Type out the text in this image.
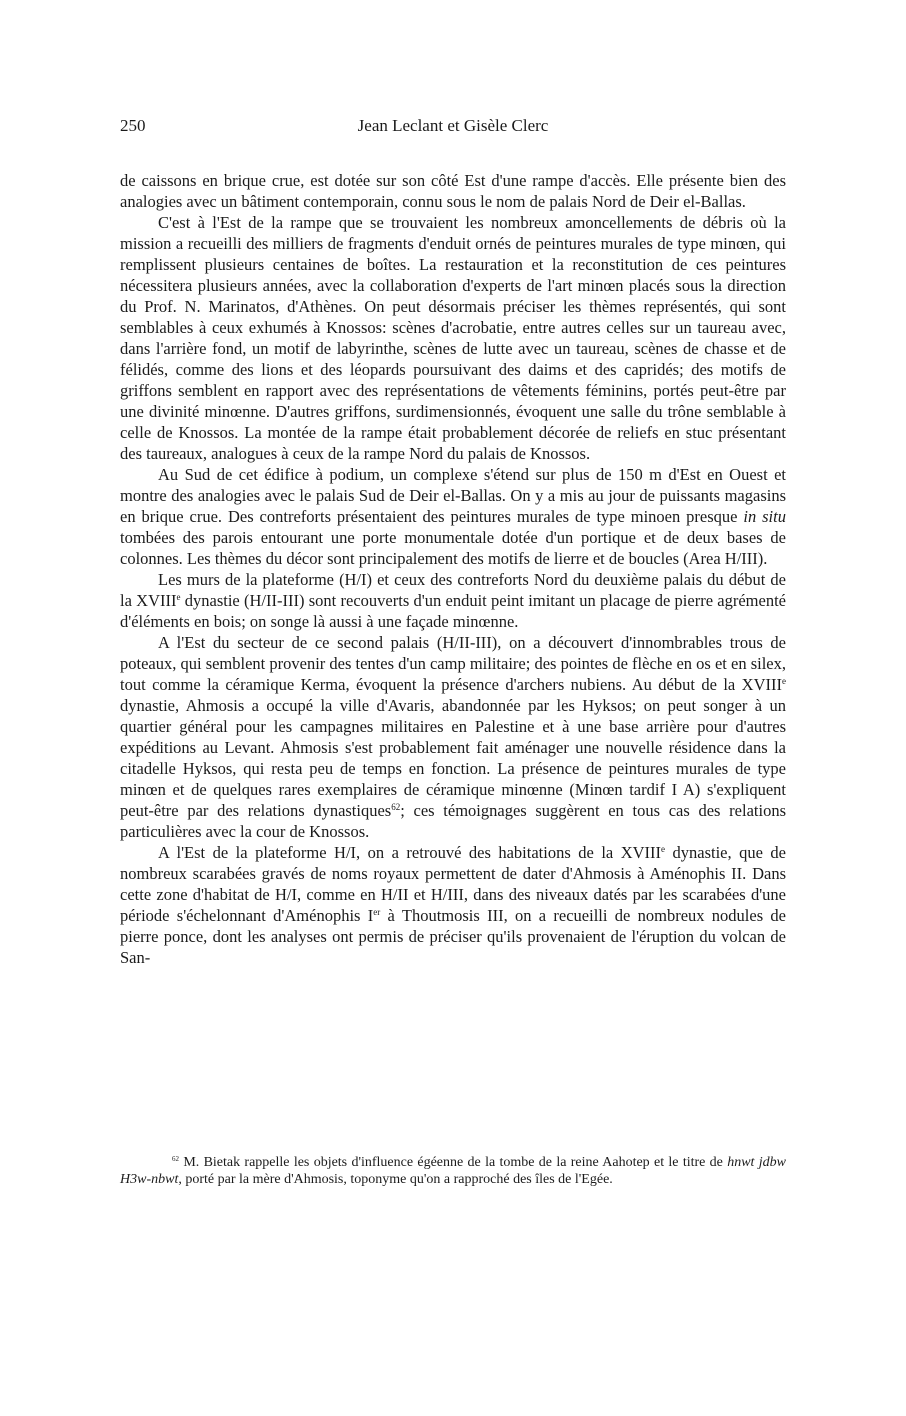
250	Jean Leclant et Gisèle Clerc

de caissons en brique crue, est dotée sur son côté Est d'une rampe d'accès. Elle présente bien des analogies avec un bâtiment contemporain, connu sous le nom de palais Nord de Deir el-Ballas.

C'est à l'Est de la rampe que se trouvaient les nombreux amoncellements de débris où la mission a recueilli des milliers de fragments d'enduit ornés de peintures murales de type minœn, qui remplissent plusieurs centaines de boîtes. La restauration et la reconstitution de ces peintures nécessitera plusieurs années, avec la collaboration d'experts de l'art minœn placés sous la direction du Prof. N. Marinatos, d'Athènes. On peut désormais préciser les thèmes représentés, qui sont semblables à ceux exhumés à Knossos: scènes d'acrobatie, entre autres celles sur un taureau avec, dans l'arrière fond, un motif de labyrinthe, scènes de lutte avec un taureau, scènes de chasse et de félidés, comme des lions et des léopards poursuivant des daims et des capridés; des motifs de griffons semblent en rapport avec des représentations de vêtements féminins, portés peut-être par une divinité minœnne. D'autres griffons, surdimensionnés, évoquent une salle du trône semblable à celle de Knossos. La montée de la rampe était probablement décorée de reliefs en stuc présentant des taureaux, analogues à ceux de la rampe Nord du palais de Knossos.

Au Sud de cet édifice à podium, un complexe s'étend sur plus de 150 m d'Est en Ouest et montre des analogies avec le palais Sud de Deir el-Ballas. On y a mis au jour de puissants magasins en brique crue. Des contreforts présentaient des peintures murales de type minoen presque in situ tombées des parois entourant une porte monumentale dotée d'un portique et de deux bases de colonnes. Les thèmes du décor sont principalement des motifs de lierre et de boucles (Area H/III).

Les murs de la plateforme (H/I) et ceux des contreforts Nord du deuxième palais du début de la XVIIIe dynastie (H/II-III) sont recouverts d'un enduit peint imitant un placage de pierre agrémenté d'éléments en bois; on songe là aussi à une façade minœnne.

A l'Est du secteur de ce second palais (H/II-III), on a découvert d'innombrables trous de poteaux, qui semblent provenir des tentes d'un camp militaire; des pointes de flèche en os et en silex, tout comme la céramique Kerma, évoquent la présence d'archers nubiens. Au début de la XVIIIe dynastie, Ahmosis a occupé la ville d'Avaris, abandonnée par les Hyksos; on peut songer à un quartier général pour les campagnes militaires en Palestine et à une base arrière pour d'autres expéditions au Levant. Ahmosis s'est probablement fait aménager une nouvelle résidence dans la citadelle Hyksos, qui resta peu de temps en fonction. La présence de peintures murales de type minœn et de quelques rares exemplaires de céramique minœnne (Minœn tardif I A) s'expliquent peut-être par des relations dynastiques$^{62}$; ces témoignages suggèrent en tous cas des relations particulières avec la cour de Knossos.

A l'Est de la plateforme H/I, on a retrouvé des habitations de la XVIIIe dynastie, que de nombreux scarabées gravés de noms royaux permettent de dater d'Ahmosis à Aménophis II. Dans cette zone d'habitat de H/I, comme en H/II et H/III, dans des niveaux datés par les scarabées d'une période s'échelonnant d'Aménophis Ier à Thoutmosis III, on a recueilli de nombreux nodules de pierre ponce, dont les analyses ont permis de préciser qu'ils provenaient de l'éruption du volcan de San-

$^{62}$ M. Bietak rappelle les objets d'influence égéenne de la tombe de la reine Aahotep et le titre de hnwt jdbw H3w-nbwt, porté par la mère d'Ahmosis, toponyme qu'on a rapproché des îles de l'Egée.
